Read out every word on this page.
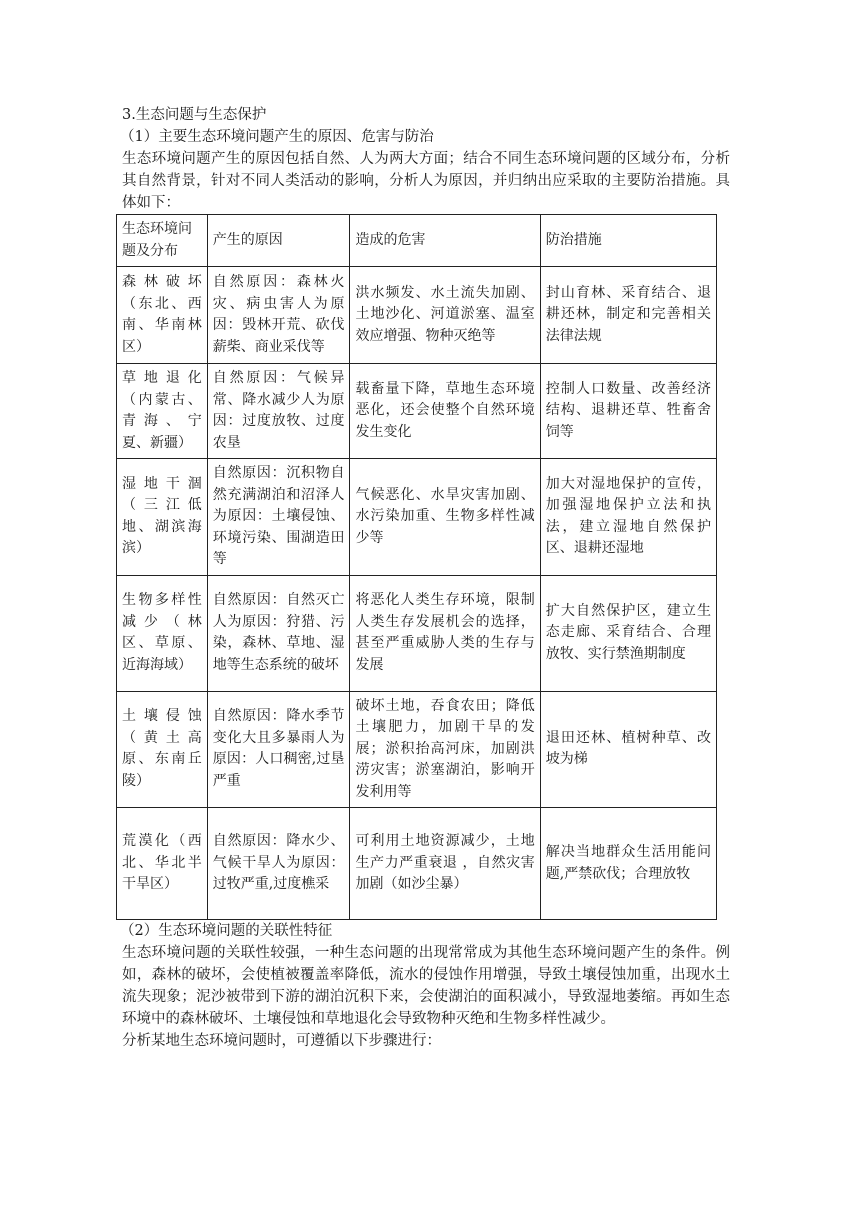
3.生态问题与生态保护
（1）主要生态环境问题产生的原因、危害与防治
生态环境问题产生的原因包括自然、人为两大方面；结合不同生态环境问题的区域分布，分析其自然背景，针对不同人类活动的影响，分析人为原因，并归纳出应采取的主要防治措施。具体如下：
生态环境问题及分布	产生的原因	造成的危害	防治措施
森林破坏（东北、西南、华南林区）	自然原因：森林火灾、病虫害人为原因：毁林开荒、砍伐薪柴、商业采伐等	洪水频发、水土流失加剧、土地沙化、河道淤塞、温室效应增强、物种灭绝等	封山育林、采育结合、退耕还林，制定和完善相关法律法规
草地退化（内蒙古、青海、宁夏、新疆）	自然原因：气候异常、降水减少人为原因：过度放牧、过度农垦	载畜量下降，草地生态环境恶化，还会使整个自然环境发生变化	控制人口数量、改善经济结构、退耕还草、牲畜舍饲等
湿地干涸（三江低地、湖滨海滨）	自然原因：沉积物自然充满湖泊和沼泽人为原因：土壤侵蚀、环境污染、围湖造田等	气候恶化、水旱灾害加剧、水污染加重、生物多样性减少等	加大对湿地保护的宣传，加强湿地保护立法和执法，建立湿地自然保护区、退耕还湿地
生物多样性减少（林区、草原、近海海域）	自然原因：自然灭亡人为原因：狩猎、污染，森林、草地、湿地等生态系统的破坏	将恶化人类生存环境，限制人类生存发展机会的选择，甚至严重威胁人类的生存与发展	扩大自然保护区，建立生态走廊、采育结合、合理放牧、实行禁渔期制度
土壤侵蚀（黄土高原、东南丘陵）	自然原因：降水季节变化大且多暴雨人为原因：人口稠密,过垦严重	破坏土地，吞食农田；降低土壤肥力，加剧干旱的发展；淤积抬高河床，加剧洪涝灾害；淤塞湖泊，影响开发利用等	退田还林、植树种草、改坡为梯
荒漠化（西北、华北半干旱区）	自然原因：降水少、气候干旱人为原因：过牧严重,过度樵采	可利用土地资源减少，土地生产力严重衰退 ，自然灾害加剧（如沙尘暴）	解决当地群众生活用能问题,严禁砍伐；合理放牧
（2）生态环境问题的关联性特征
生态环境问题的关联性较强，一种生态问题的出现常常成为其他生态环境问题产生的条件。例如，森林的破坏，会使植被覆盖率降低，流水的侵蚀作用增强，导致土壤侵蚀加重，出现水土流失现象；泥沙被带到下游的湖泊沉积下来，会使湖泊的面积减小，导致湿地萎缩。再如生态环境中的森林破坏、土壤侵蚀和草地退化会导致物种灭绝和生物多样性减少。
分析某地生态环境问题时，可遵循以下步骤进行：
